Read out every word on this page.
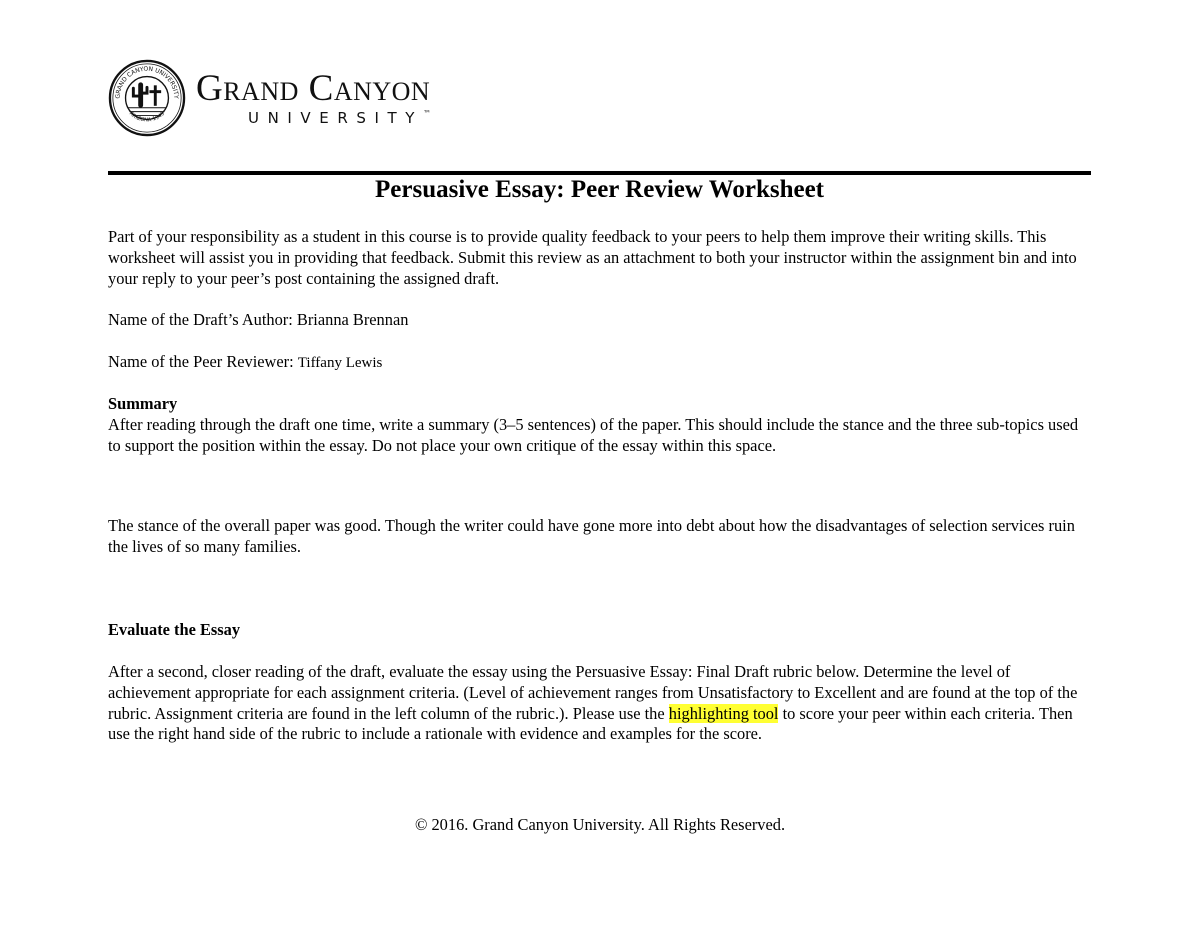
GRAND CANYON UNIVERSITY
ARIZONA 1949
Grand Canyon
UNIVERSITY™
Persuasive Essay: Peer Review Worksheet
Part of your responsibility as a student in this course is to provide quality feedback to your peers to help them improve their writing skills. This worksheet will assist you in providing that feedback. Submit this review as an attachment to both your instructor within the assignment bin and into your reply to your peer’s post containing the assigned draft.
Name of the Draft’s Author: Brianna Brennan
Name of the Peer Reviewer: Tiffany Lewis
Summary
After reading through the draft one time, write a summary (3–5 sentences) of the paper. This should include the stance and the three sub-topics used to support the position within the essay. Do not place your own critique of the essay within this space.
The stance of the overall paper was good. Though the writer could have gone more into debt about how the disadvantages of selection services ruin the lives of so many families.
Evaluate the Essay
After a second, closer reading of the draft, evaluate the essay using the Persuasive Essay: Final Draft rubric below. Determine the level of achievement appropriate for each assignment criteria. (Level of achievement ranges from Unsatisfactory to Excellent and are found at the top of the rubric. Assignment criteria are found in the left column of the rubric.). Please use the highlighting tool to score your peer within each criteria. Then use the right hand side of the rubric to include a rationale with evidence and examples for the score.
© 2016. Grand Canyon University. All Rights Reserved.
